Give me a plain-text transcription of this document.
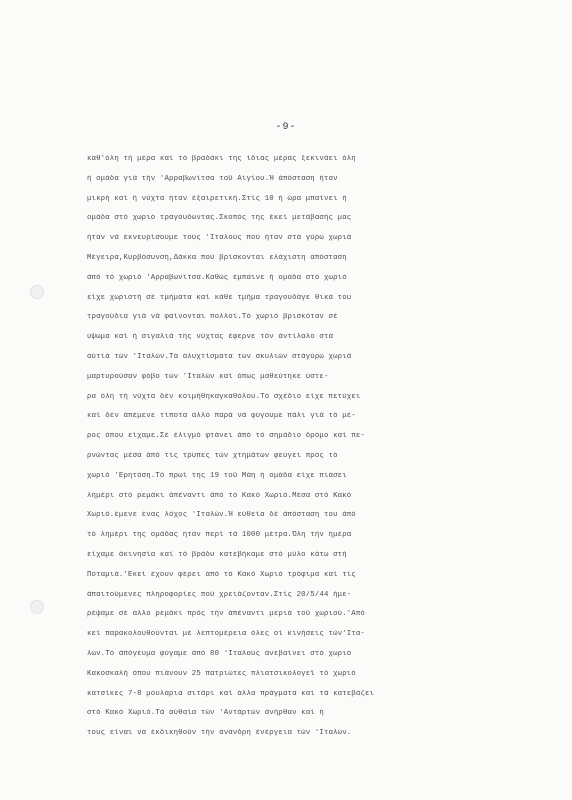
-9-
καθ'όλη τή μέρα καί τό βραδάκι της ίδιας μέρας ξεκινάει όλη
ή ομάδα γιά τήν 'Αρραβωνίτσα τοϋ Αίγίου.Ή άπόσταση ήταν
μικρή καί ή νύχτα ήταν έξαιρετική.Στίς 10 ή ώρα μπαίνει ή
ομάδα στό χωριό τραγουδώντας.Σκοπός της έκεί μετάβασής μας
ήταν νά έκνευρίσουμε τούς 'Ιταλούς πού ήταν στά γύρω χωριά
Μέγειρα,Κυρβόσυνση,Δάκκα πού βρίσκονται ελάχιστη απόσταση
άπό τό χωριό 'Αρραβωνίτσα.Καθώς έμπαινε ή ομάδα στό χωριό
είχε χωριστή σέ τμήματα καί κάθε τμήμα τραγουδάγε θικά του
τραγούδια γιά νά φαίνονται πολλοί.Τό χωριό βρισκόταν σέ
ύψωμα καί ή σιγαλιά της νύχτας έφερνε τόν άντίλαλο στά
αύτιά τών 'Ιταλών.Τά άλυχτίσματα τών σκυλιών στάγύρω χωριά
μαρτυρούσαν φόβο τών 'Ιταλών καί όπως μαθεύτηκε ύστε-
ρα όλη τή νύχτα δέν κοιμήθηκαγκαθόλου.Τό σχέδιο είχε πετύχει
καί δέν άπέμενε τίποτα άλλο παρά νά φύγουμε πάλι γιά τό μέ-
ρος όπου είχαμε.Σέ έλιγμό φτάνει άπό τό σημάδιο δρόμο καί πε-
ρνώντας μέσα άπό τίς τρύπες τών χτημάτων φεύγει πρός τό
χωριό 'Ερητόση.Τό πρωί της 19 τοϋ Μάη ή ομάδα είχε πιάσει
λημέρι στό ρεμάκι άπέναντι άπό τό Κακό Χωριό.Μέσα στό Κακό
Χωριό.έμενε ένας λόχος 'Ιταλών.Ή εύθεία δέ άπόσταση του άπό
τό λημέρι της ομάδας ήταν περί τά 1000 μέτρα.Όλη τήν ήμέρα
είχαμε άκινησία καί τό βράδυ κατεβήκαμε στό μύλο κάτω στή
Ποταμιά.'Εκεί έχουν φέρει άπό τό Κακό Χωριό τρόφιμα καί τίς
άπαιτούμενες πληροφορίες πού χρειάζονταν.Στίς 20/5/44 ήμε-
ρέψαμε σέ άλλο ρεμάκι πρός τήν άπέναντι μεριά τοϋ χωριού.'Από
κεί παρακολουθούνται μέ λεπτομέρεια όλες οί κινήσεις τών'Ιτα-
λών.Τό άπόγευμα φύγαμε άπό 80 'Ιταλούς άνεβαίνει στό χωριό
Κακοσκαλή όπου πιάνουν 25 πατριώτες πλιατσικολογεϊ τό χωριό
κατσίκες 7-8 μουλάρια σιτάρι καί άλλα πράγματα καί τά κατεβάζει
στό Κακό Χωριό.Τά αύθαία τών 'Αντάρτών άνήρθαν καί ή
τους είναι νά έκδικηθοϋν τήν άνανδρη ένέργεια τών 'Ιταλών.
